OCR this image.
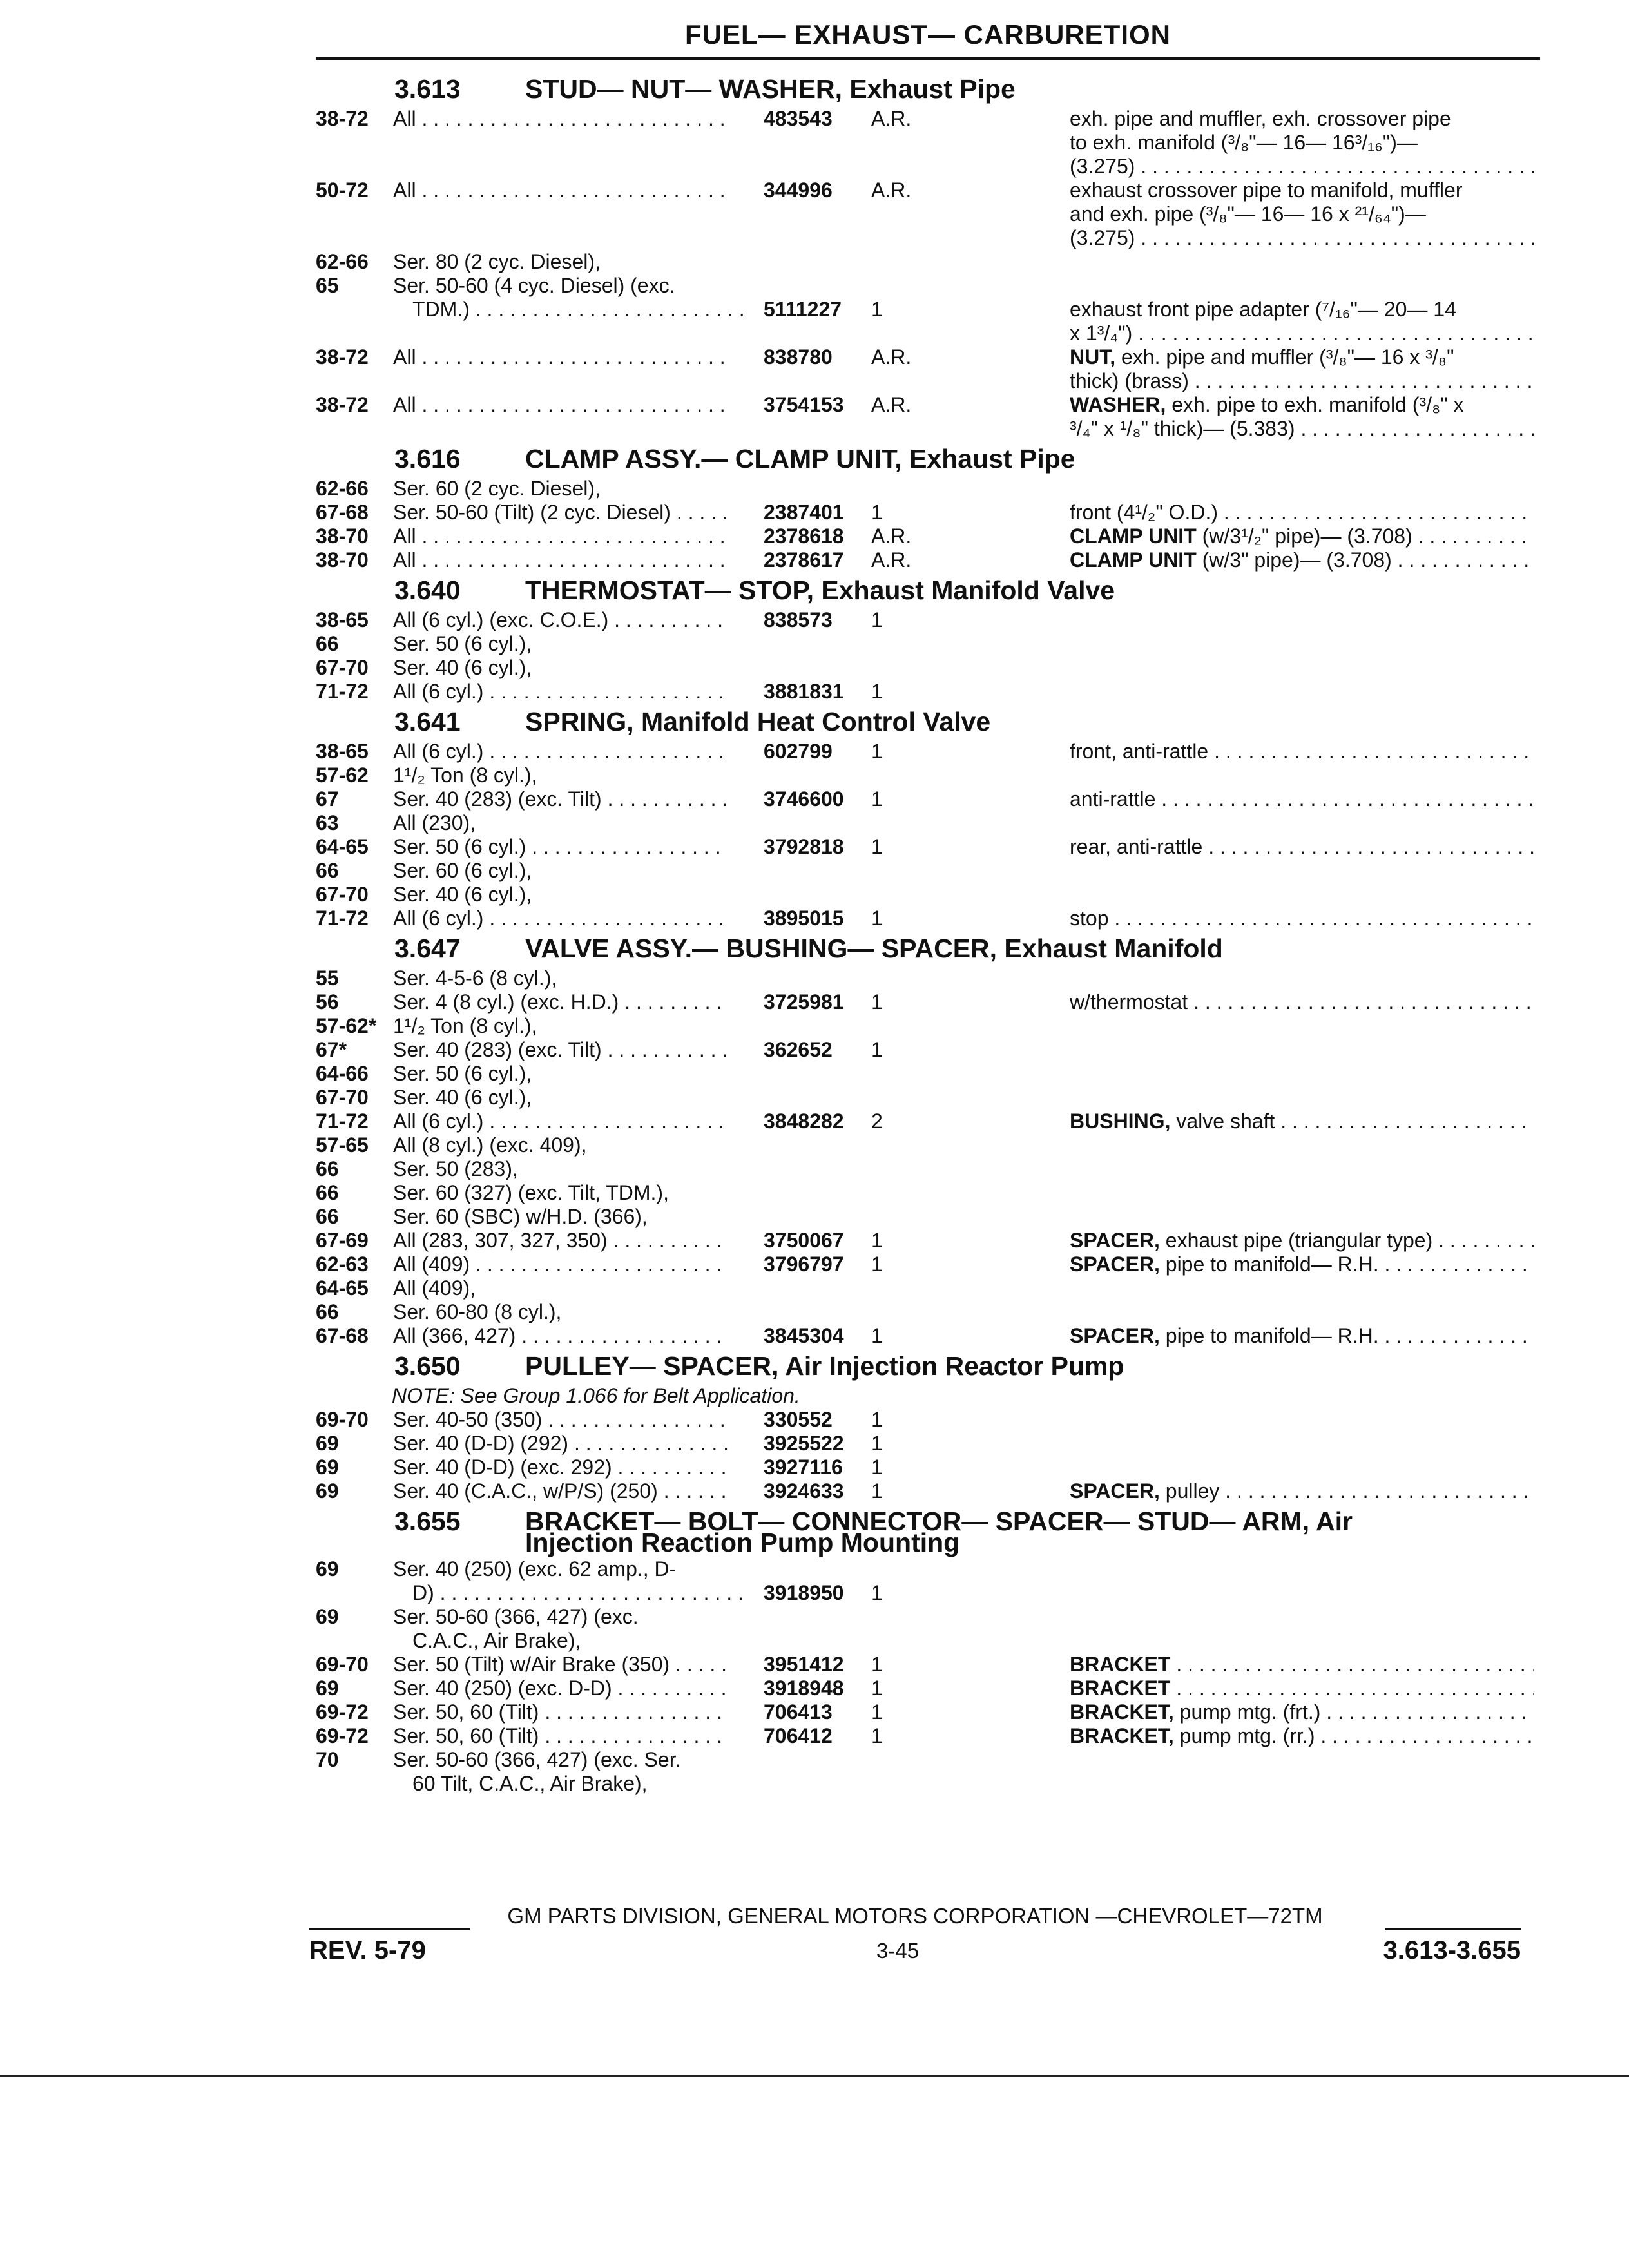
FUEL— EXHAUST— CARBURETION
3.613 STUD— NUT— WASHER, Exhaust Pipe
38-72 All . . .	483543 A.R.	exh. pipe and muffler, exh. crossover pipe
to exh. manifold (³/₈"— 16— 16³/₁₆")—
(3.275) . . .
50-72 All . . .	344996 A.R.	exhaust crossover pipe to manifold, muffler
and exh. pipe (³/₈"— 16— 16 x ²¹/₆₄")—
(3.275) . . .
62-66 Ser. 80 (2 cyc. Diesel),
65	Ser. 50-60 (4 cyc. Diesel) (exc.
TDM.) . . .	5111227 1	exhaust front pipe adapter (⁷/₁₆"— 20— 14
x 1³/₄") . . .
38-72 All . . .	838780 A.R.	NUT, exh. pipe and muffler (³/₈"— 16 x ³/₈"
thick) (brass) . . .
38-72 All . . .	3754153 A.R.	WASHER, exh. pipe to exh. manifold (³/₈" x
³/₄" x ¹/₈" thick)— (5.383) . . .
3.616 CLAMP ASSY.— CLAMP UNIT, Exhaust Pipe
62-66 Ser. 60 (2 cyc. Diesel),
67-68 Ser. 50-60 (Tilt) (2 cyc. Diesel) . . .	2387401 1	front (4¹/₂" O.D.) . . .
38-70 All . . .	2378618 A.R.	CLAMP UNIT (w/3¹/₂" pipe)— (3.708) . . .
38-70 All . . .	2378617 A.R.	CLAMP UNIT (w/3" pipe)— (3.708) . . .
3.640 THERMOSTAT— STOP, Exhaust Manifold Valve
38-65 All (6 cyl.) (exc. C.O.E.) . . .	838573 1
66	Ser. 50 (6 cyl.),
67-70 Ser. 40 (6 cyl.),
71-72 All (6 cyl.) . . .	3881831 1
3.641 SPRING, Manifold Heat Control Valve
38-65 All (6 cyl.) . . .	602799 1	front, anti-rattle . . .
57-62 1¹/₂ Ton (8 cyl.),
67	Ser. 40 (283) (exc. Tilt) . . .	3746600 1	anti-rattle . . .
63	All (230),
64-65 Ser. 50 (6 cyl.) . . .	3792818 1	rear, anti-rattle . . .
66	Ser. 60 (6 cyl.),
67-70 Ser. 40 (6 cyl.),
71-72 All (6 cyl.) . . .	3895015 1	stop . . .
3.647 VALVE ASSY.— BUSHING— SPACER, Exhaust Manifold
55	Ser. 4-5-6 (8 cyl.),
56	Ser. 4 (8 cyl.) (exc. H.D.) . . .	3725981 1	w/thermostat . . .
57-62* 1¹/₂ Ton (8 cyl.),
67* Ser. 40 (283) (exc. Tilt) . . .	362652 1
64-66 Ser. 50 (6 cyl.),
67-70 Ser. 40 (6 cyl.),
71-72 All (6 cyl.) . . .	3848282 2	BUSHING, valve shaft . . .
57-65 All (8 cyl.) (exc. 409),
66	Ser. 50 (283),
66	Ser. 60 (327) (exc. Tilt, TDM.),
66	Ser. 60 (SBC) w/H.D. (366),
67-69 All (283, 307, 327, 350) . . .	3750067 1	SPACER, exhaust pipe (triangular type) . . .
62-63 All (409) . . .	3796797 1	SPACER, pipe to manifold— R.H. . . .
64-65 All (409),
66	Ser. 60-80 (8 cyl.),
67-68 All (366, 427) . . .	3845304 1	SPACER, pipe to manifold— R.H. . . .
3.650 PULLEY— SPACER, Air Injection Reactor Pump
NOTE: See Group 1.066 for Belt Application.
69-70 Ser. 40-50 (350) . . .	330552 1
69	Ser. 40 (D-D) (292) . . .	3925522 1
69	Ser. 40 (D-D) (exc. 292) . . .	3927116 1
69	Ser. 40 (C.A.C., w/P/S) (250) . . .	3924633 1	SPACER, pulley . . .
3.655 BRACKET— BOLT— CONNECTOR— SPACER— STUD— ARM, Air
Injection Reaction Pump Mounting
69	Ser. 40 (250) (exc. 62 amp., D-
D) . . .	3918950 1
69	Ser. 50-60 (366, 427) (exc.
C.A.C., Air Brake),
69-70 Ser. 50 (Tilt) w/Air Brake (350) . . .	3951412 1	BRACKET . . .
69	Ser. 40 (250) (exc. D-D) . . .	3918948 1	BRACKET . . .
69-72 Ser. 50, 60 (Tilt) . . .	706413 1	BRACKET, pump mtg. (frt.) . . .
69-72 Ser. 50, 60 (Tilt) . . .	706412 1	BRACKET, pump mtg. (rr.) . . .
70	Ser. 50-60 (366, 427) (exc. Ser.
60 Tilt, C.A.C., Air Brake),
GM PARTS DIVISION, GENERAL MOTORS CORPORATION —CHEVROLET—72TM
REV. 5-79	3-45	3.613-3.655
